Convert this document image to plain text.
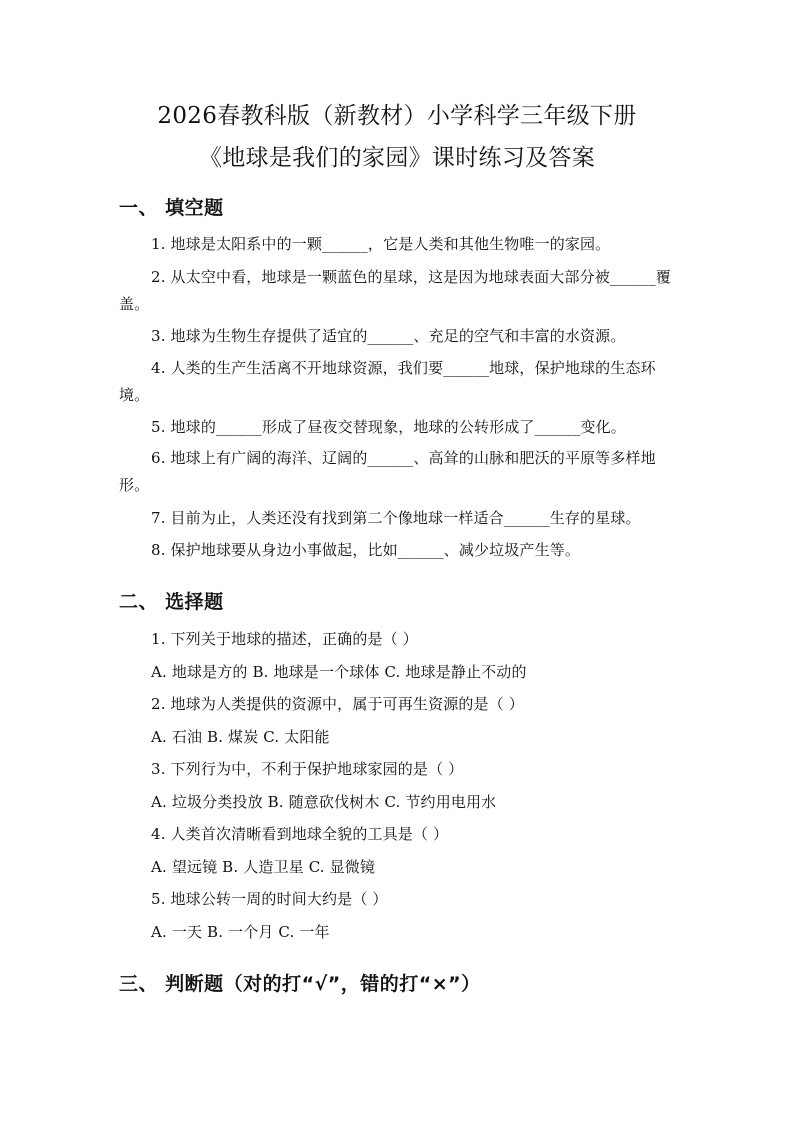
2026春教科版（新教材）小学科学三年级下册
《地球是我们的家园》课时练习及答案
一、 填空题
1. 地球是太阳系中的一颗______，它是人类和其他生物唯一的家园。
2. 从太空中看，地球是一颗蓝色的星球，这是因为地球表面大部分被______覆盖。
3. 地球为生物生存提供了适宜的______、充足的空气和丰富的水资源。
4. 人类的生产生活离不开地球资源，我们要______地球，保护地球的生态环境。
5. 地球的______形成了昼夜交替现象，地球的公转形成了______变化。
6. 地球上有广阔的海洋、辽阔的______、高耸的山脉和肥沃的平原等多样地形。
7. 目前为止，人类还没有找到第二个像地球一样适合______生存的星球。
8. 保护地球要从身边小事做起，比如______、减少垃圾产生等。
二、 选择题
1. 下列关于地球的描述，正确的是（ ）
A. 地球是方的 B. 地球是一个球体 C. 地球是静止不动的
2. 地球为人类提供的资源中，属于可再生资源的是（ ）
A. 石油 B. 煤炭 C. 太阳能
3. 下列行为中，不利于保护地球家园的是（ ）
A. 垃圾分类投放 B. 随意砍伐树木 C. 节约用电用水
4. 人类首次清晰看到地球全貌的工具是（ ）
A. 望远镜 B. 人造卫星 C. 显微镜
5. 地球公转一周的时间大约是（ ）
A. 一天 B. 一个月 C. 一年
三、 判断题（对的打“√”，错的打“×”）
